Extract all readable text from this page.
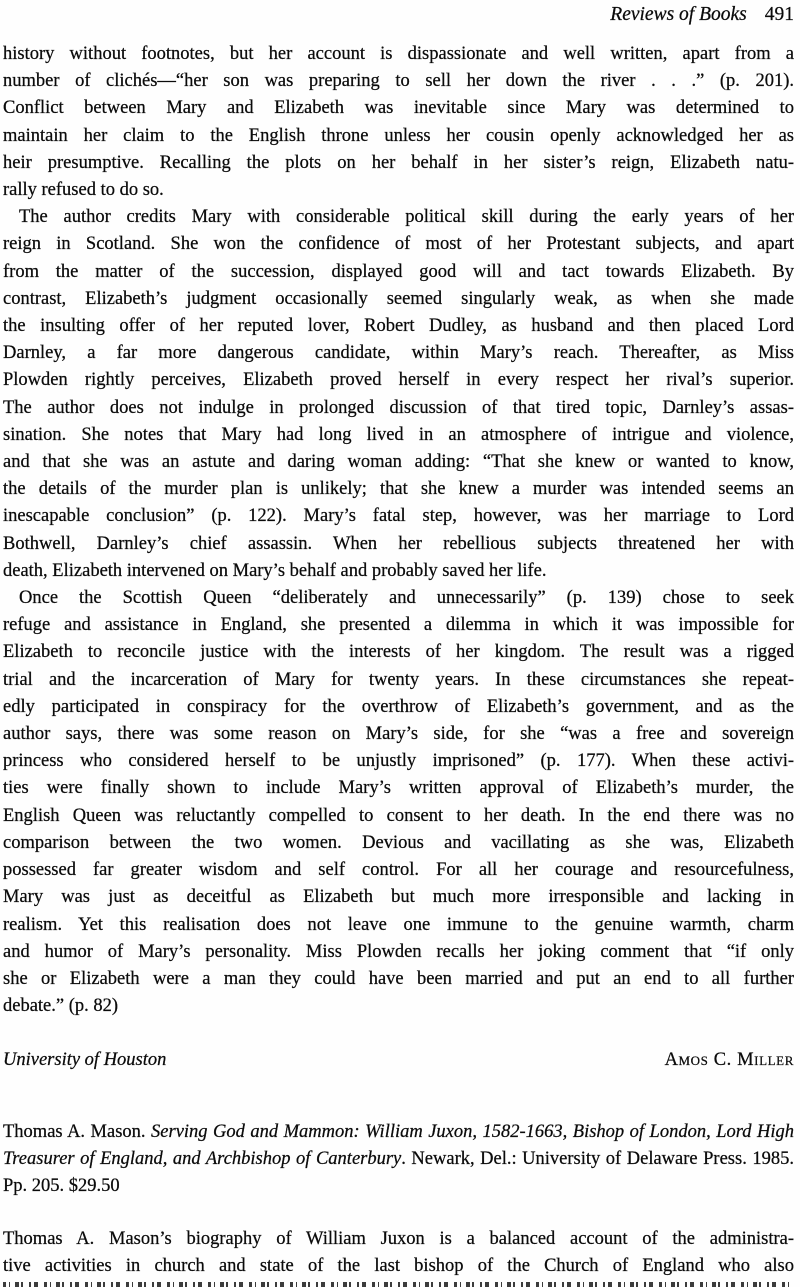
Reviews of Books 491
history without footnotes, but her account is dispassionate and well written, apart from a
number of clichés—“her son was preparing to sell her down the river . . .” (p. 201).
Conflict between Mary and Elizabeth was inevitable since Mary was determined to
maintain her claim to the English throne unless her cousin openly acknowledged her as
heir presumptive. Recalling the plots on her behalf in her sister’s reign, Elizabeth natu-
rally refused to do so.
The author credits Mary with considerable political skill during the early years of her
reign in Scotland. She won the confidence of most of her Protestant subjects, and apart
from the matter of the succession, displayed good will and tact towards Elizabeth. By
contrast, Elizabeth’s judgment occasionally seemed singularly weak, as when she made
the insulting offer of her reputed lover, Robert Dudley, as husband and then placed Lord
Darnley, a far more dangerous candidate, within Mary’s reach. Thereafter, as Miss
Plowden rightly perceives, Elizabeth proved herself in every respect her rival’s superior.
The author does not indulge in prolonged discussion of that tired topic, Darnley’s assas-
sination. She notes that Mary had long lived in an atmosphere of intrigue and violence,
and that she was an astute and daring woman adding: “That she knew or wanted to know,
the details of the murder plan is unlikely; that she knew a murder was intended seems an
inescapable conclusion” (p. 122). Mary’s fatal step, however, was her marriage to Lord
Bothwell, Darnley’s chief assassin. When her rebellious subjects threatened her with
death, Elizabeth intervened on Mary’s behalf and probably saved her life.
Once the Scottish Queen “deliberately and unnecessarily” (p. 139) chose to seek
refuge and assistance in England, she presented a dilemma in which it was impossible for
Elizabeth to reconcile justice with the interests of her kingdom. The result was a rigged
trial and the incarceration of Mary for twenty years. In these circumstances she repeat-
edly participated in conspiracy for the overthrow of Elizabeth’s government, and as the
author says, there was some reason on Mary’s side, for she “was a free and sovereign
princess who considered herself to be unjustly imprisoned” (p. 177). When these activi-
ties were finally shown to include Mary’s written approval of Elizabeth’s murder, the
English Queen was reluctantly compelled to consent to her death. In the end there was no
comparison between the two women. Devious and vacillating as she was, Elizabeth
possessed far greater wisdom and self control. For all her courage and resourcefulness,
Mary was just as deceitful as Elizabeth but much more irresponsible and lacking in
realism. Yet this realisation does not leave one immune to the genuine warmth, charm
and humor of Mary’s personality. Miss Plowden recalls her joking comment that “if only
she or Elizabeth were a man they could have been married and put an end to all further
debate.” (p. 82)
University of Houston	Amos C. Miller

Thomas A. Mason. Serving God and Mammon: William Juxon, 1582-1663, Bishop of London, Lord High Treasurer of England, and Archbishop of Canterbury. Newark, Del.: University of Delaware Press. 1985. Pp. 205. $29.50

Thomas A. Mason’s biography of William Juxon is a balanced account of the administra-
tive activities in church and state of the last bishop of the Church of England who also
